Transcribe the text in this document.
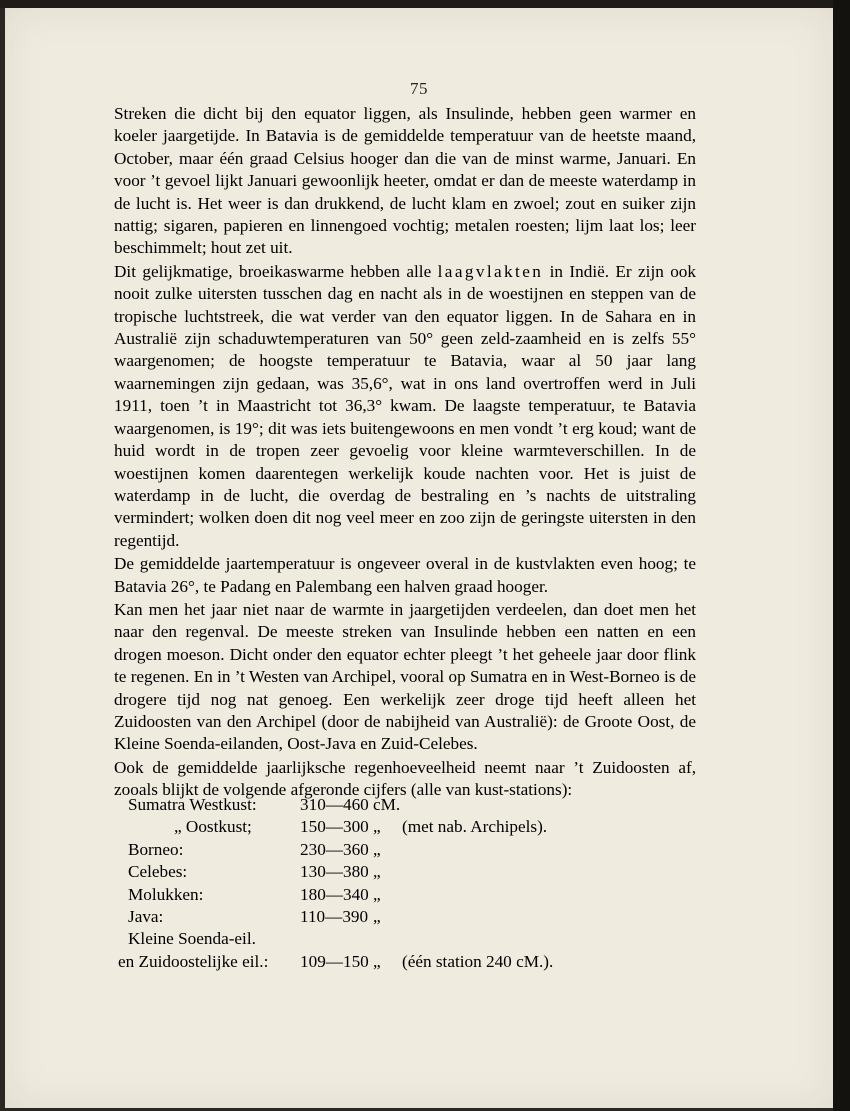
75

Streken die dicht bij den equator liggen, als Insulinde, hebben geen warmer en koeler jaargetijde. In Batavia is de gemiddelde temperatuur van de heetste maand, October, maar één graad Celsius hooger dan die van de minst warme, Januari. En voor ’t gevoel lijkt Januari gewoonlijk heeter, omdat er dan de meeste waterdamp in de lucht is. Het weer is dan drukkend, de lucht klam en zwoel; zout en suiker zijn nattig; sigaren, papieren en linnengoed vochtig; metalen roesten; lijm laat los; leer beschimmelt; hout zet uit.

Dit gelijkmatige, broeikaswarme hebben alle laagvlakten in Indië. Er zijn ook nooit zulke uitersten tusschen dag en nacht als in de woestijnen en steppen van de tropische luchtstreek, die wat verder van den equator liggen. In de Sahara en in Australië zijn schaduwtemperaturen van 50° geen zeld-zaamheid en is zelfs 55° waargenomen; de hoogste temperatuur te Batavia, waar al 50 jaar lang waarnemingen zijn gedaan, was 35,6°, wat in ons land overtroffen werd in Juli 1911, toen ’t in Maastricht tot 36,3° kwam. De laagste temperatuur, te Batavia waargenomen, is 19°; dit was iets buitengewoons en men vondt ’t erg koud; want de huid wordt in de tropen zeer gevoelig voor kleine warmteverschillen. In de woestijnen komen daarentegen werkelijk koude nachten voor. Het is juist de waterdamp in de lucht, die overdag de bestraling en ’s nachts de uitstraling vermindert; wolken doen dit nog veel meer en zoo zijn de geringste uitersten in den regentijd.

De gemiddelde jaartemperatuur is ongeveer overal in de kustvlakten even hoog; te Batavia 26°, te Padang en Palembang een halven graad hooger.

Kan men het jaar niet naar de warmte in jaargetijden verdeelen, dan doet men het naar den regenval. De meeste streken van Insulinde hebben een natten en een drogen moeson. Dicht onder den equator echter pleegt ’t het geheele jaar door flink te regenen. En in ’t Westen van Archipel, vooral op Sumatra en in West-Borneo is de drogere tijd nog nat genoeg. Een werkelijk zeer droge tijd heeft alleen het Zuidoosten van den Archipel (door de nabijheid van Australië): de Groote Oost, de Kleine Soenda-eilanden, Oost-Java en Zuid-Celebes.

Ook de gemiddelde jaarlijksche regenhoeveelheid neemt naar ’t Zuidoosten af, zooals blijkt de volgende afgeronde cijfers (alle van kust-stations):

Sumatra Westkust:	310—460 cM.
„ Oostkust;	150—300 „ (met nab. Archipels).
Borneo:	230—360 „
Celebes:	130—380 „
Molukken:	180—340 „
Java:	110—390 „
Kleine Soenda-eil.
en Zuidoostelijke eil.: 109—150 „ (één station 240 cM.).
